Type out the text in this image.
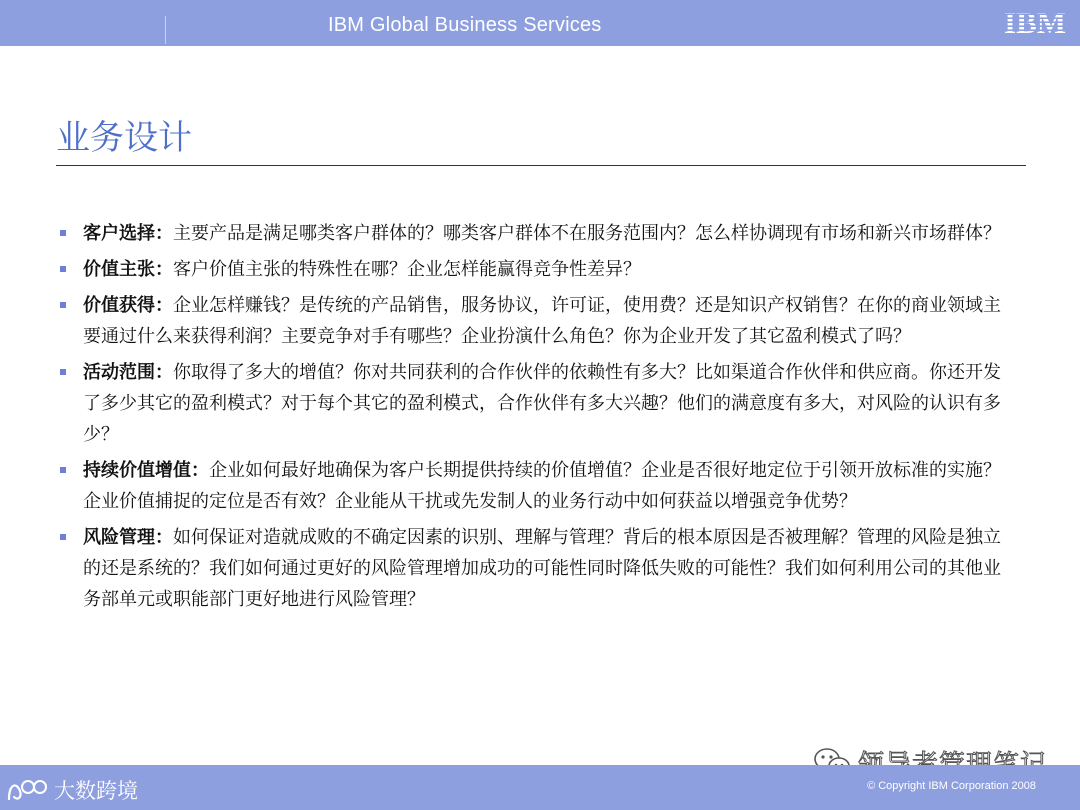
IBM Global Business Services	IBM
业务设计
客户选择：主要产品是满足哪类客户群体的？哪类客户群体不在服务范围内？怎么样协调现有市场和新兴市场群体？
价值主张：客户价值主张的特殊性在哪？企业怎样能赢得竞争性差异？
价值获得：企业怎样赚钱？是传统的产品销售，服务协议，许可证，使用费？还是知识产权销售？在你的商业领域主要通过什么来获得利润？主要竞争对手有哪些？企业扮演什么角色？你为企业开发了其它盈利模式了吗？
活动范围：你取得了多大的增值？你对共同获利的合作伙伴的依赖性有多大？比如渠道合作伙伴和供应商。你还开发了多少其它的盈利模式？对于每个其它的盈利模式，合作伙伴有多大兴趣？他们的满意度有多大，对风险的认识有多少？
持续价值增值：企业如何最好地确保为客户长期提供持续的价值增值？企业是否很好地定位于引领开放标准的实施？企业价值捕捉的定位是否有效？企业能从干扰或先发制人的业务行动中如何获益以增强竞争优势？
风险管理：如何保证对造就成败的不确定因素的识别、理解与管理？背后的根本原因是否被理解？管理的风险是独立的还是系统的？我们如何通过更好的风险管理增加成功的可能性同时降低失败的可能性？我们如何利用公司的其他业务部单元或职能部门更好地进行风险管理？
大数跨境	© Copyright IBM Corporation 2008
